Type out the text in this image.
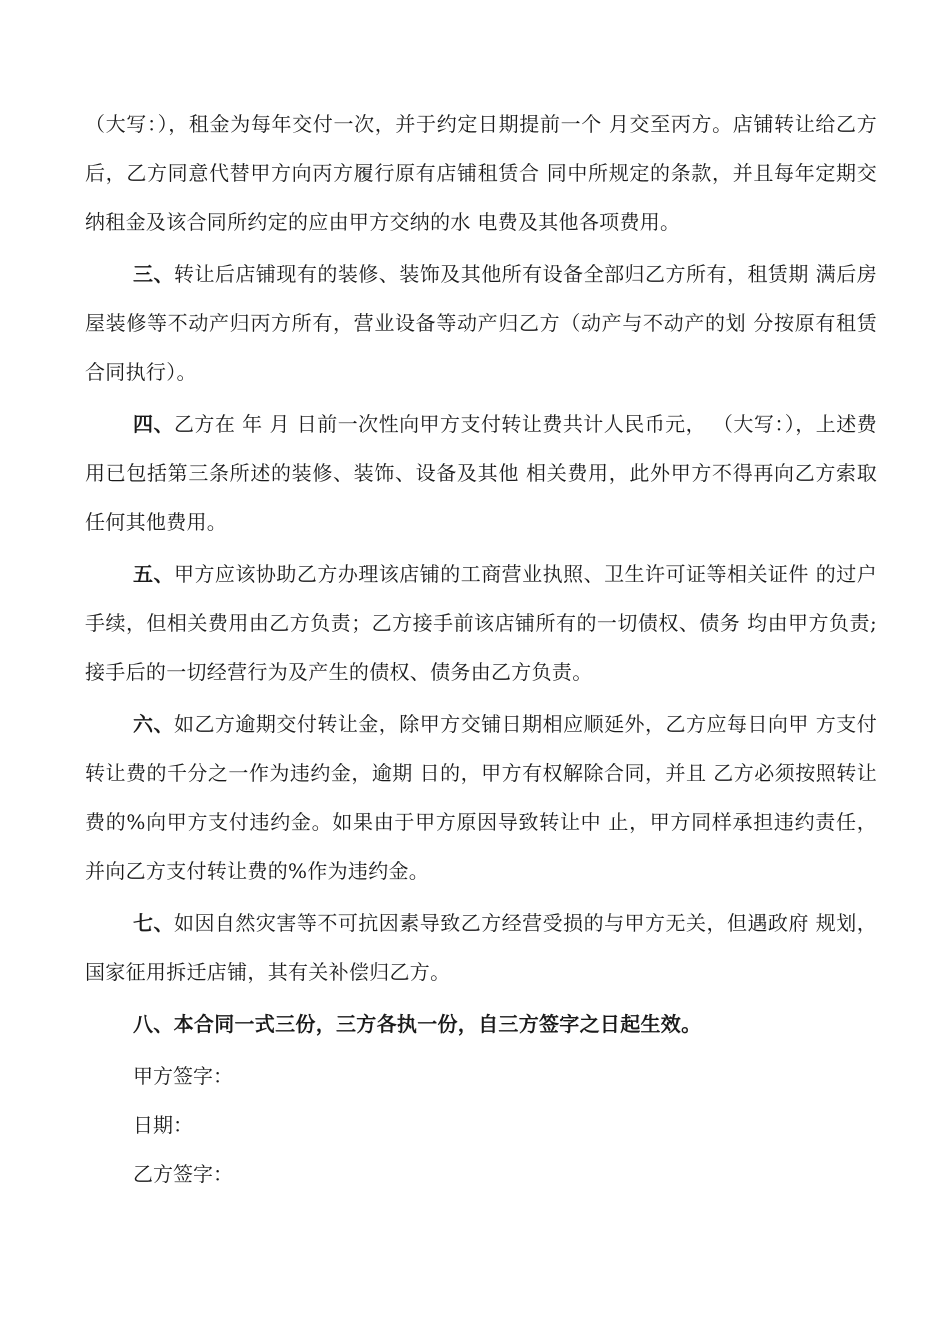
（大写：），租金为每年交付一次，并于约定日期提前一个 月交至丙方。店铺转让给乙方后，乙方同意代替甲方向丙方履行原有店铺租赁合 同中所规定的条款，并且每年定期交纳租金及该合同所约定的应由甲方交纳的水 电费及其他各项费用。

三、转让后店铺现有的装修、装饰及其他所有设备全部归乙方所有，租赁期 满后房屋装修等不动产归丙方所有，营业设备等动产归乙方（动产与不动产的划 分按原有租赁合同执行）。

四、乙方在 年 月 日前一次性向甲方支付转让费共计人民币元， （大写：），上述费用已包括第三条所述的装修、装饰、设备及其他 相关费用，此外甲方不得再向乙方索取任何其他费用。

五、甲方应该协助乙方办理该店铺的工商营业执照、卫生许可证等相关证件 的过户手续，但相关费用由乙方负责；乙方接手前该店铺所有的一切债权、债务 均由甲方负责;接手后的一切经营行为及产生的债权、债务由乙方负责。

六、如乙方逾期交付转让金，除甲方交铺日期相应顺延外，乙方应每日向甲 方支付转让费的千分之一作为违约金，逾期 日的，甲方有权解除合同，并且 乙方必须按照转让费的%向甲方支付违约金。如果由于甲方原因导致转让中 止，甲方同样承担违约责任，并向乙方支付转让费的%作为违约金。

七、如因自然灾害等不可抗因素导致乙方经营受损的与甲方无关，但遇政府 规划，国家征用拆迁店铺，其有关补偿归乙方。

八、本合同一式三份，三方各执一份，自三方签字之日起生效。

甲方签字：

日期：

乙方签字：
